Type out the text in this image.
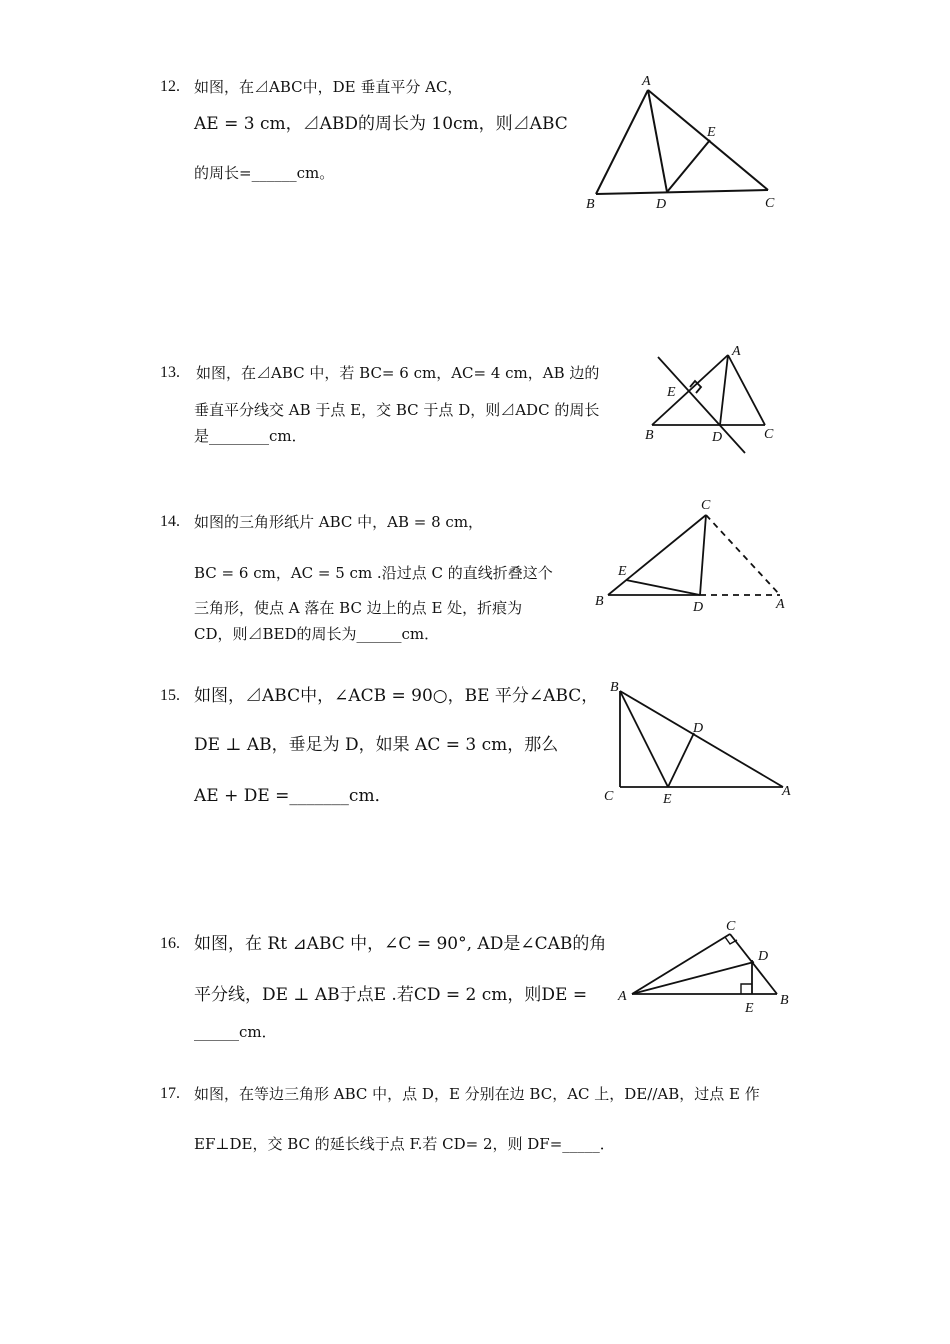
12. 如图，在⊿ABC中，DE 垂直平分 AC，
AE = 3 cm，⊿ABD的周长为 10cm，则⊿ABC
的周长=______cm。
A
B	C
D
E
13. 如图，在⊿ABC 中，若 BC= 6 cm，AC= 4 cm，AB 边的
垂直平分线交 AB 于点 E，交 BC 于点 D，则⊿ADC 的周长
是________cm．
A
B	C
D
E
14. 如图的三角形纸片 ABC 中，AB = 8 cm，
BC = 6 cm，AC = 5 cm .沿过点 C 的直线折叠这个
三角形，使点 A 落在 BC 边上的点 E 处，折痕为
CD，则⊿BED的周长为______cm．
C
B
E
D	A
15. 如图，⊿ABC中，∠ACB = 90○，BE 平分∠ABC，
DE ⊥ AB，垂足为 D，如果 AC = 3 cm，那么
AE + DE =_______cm．
B
C	E
D
A
16. 如图，在 Rt ⊿ABC 中，∠C = 90°, AD是∠CAB的角
平分线，DE ⊥ AB于点E .若CD = 2 cm，则DE =
______cm．
C
D
A
E
B
17. 如图，在等边三角形 ABC 中，点 D，E 分别在边 BC，AC 上，DE//AB，过点 E 作
EF⊥DE，交 BC 的延长线于点 F.若 CD= 2，则 DF=_____．
